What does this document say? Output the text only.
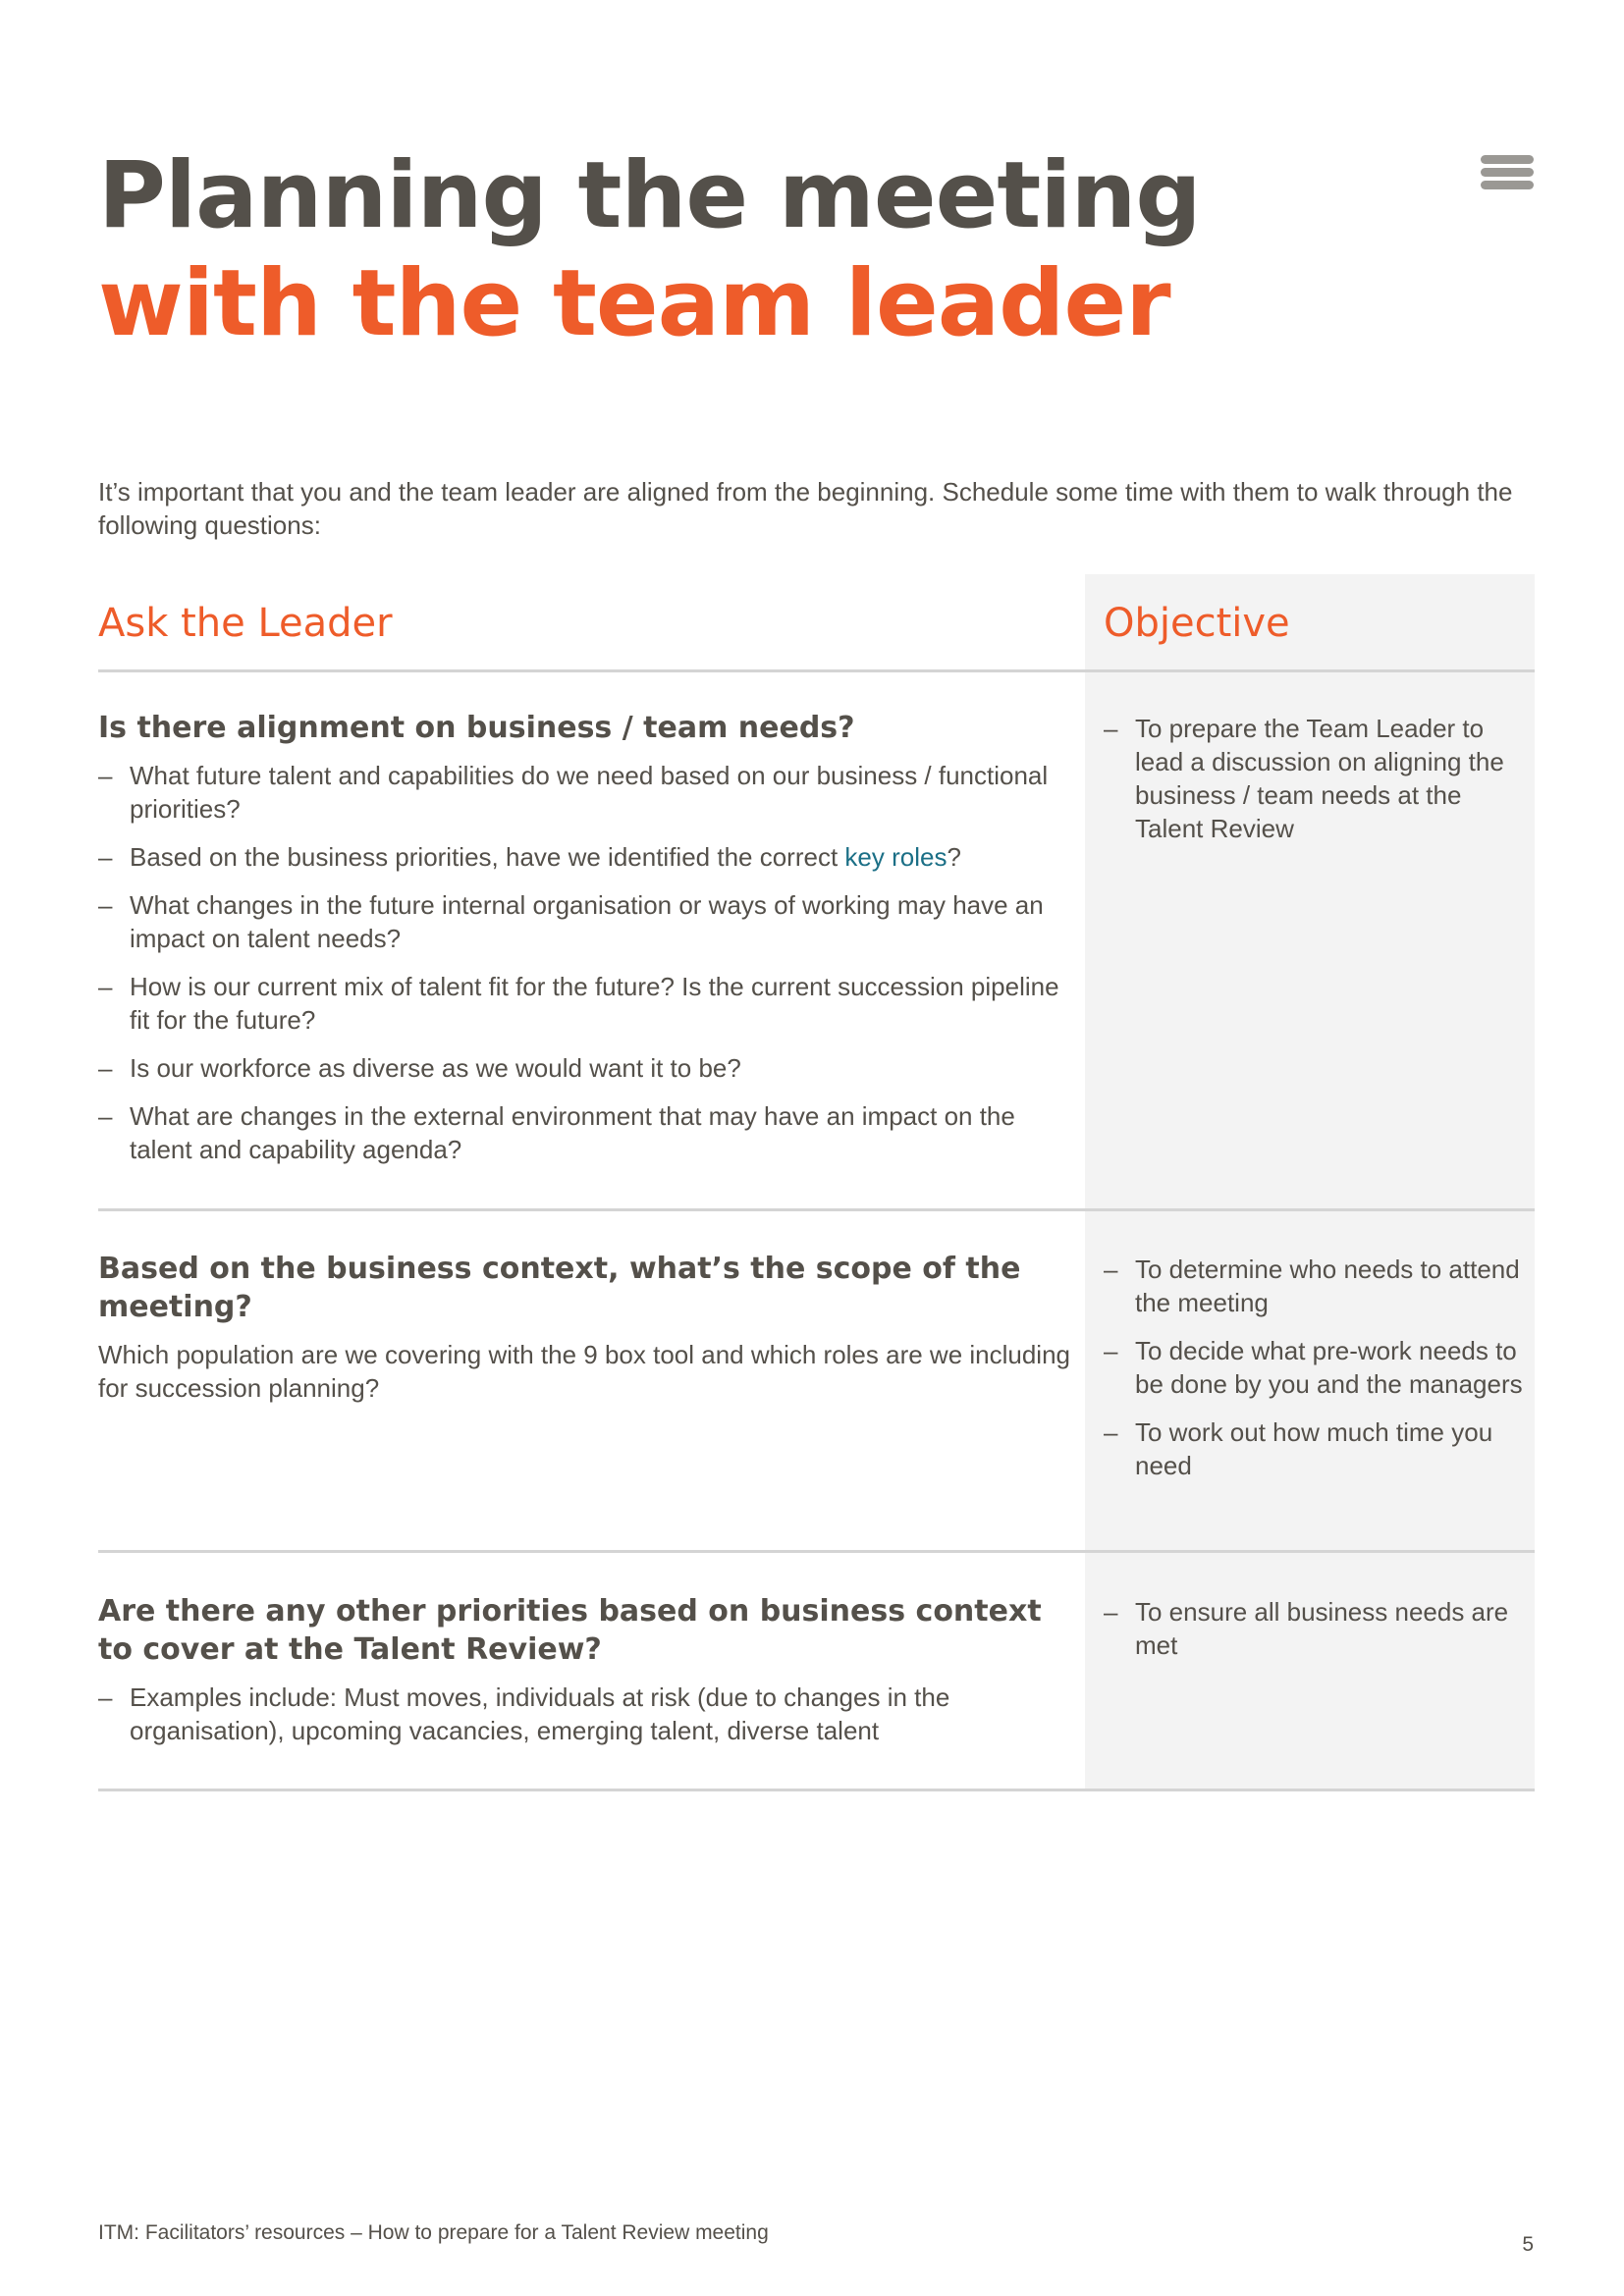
Planning the meeting
with the team leader

It’s important that you and the team leader are aligned from the beginning. Schedule some time with them to walk through the following questions:

Ask the Leader	Objective
Is there alignment on business / team needs?
– What future talent and capabilities do we need based on our business / functional priorities?
– Based on the business priorities, have we identified the correct key roles?
– What changes in the future internal organisation or ways of working may have an impact on talent needs?
– How is our current mix of talent fit for the future? Is the current succession pipeline fit for the future?
– Is our workforce as diverse as we would want it to be?
– What are changes in the external environment that may have an impact on the talent and capability agenda?
– To prepare the Team Leader to lead a discussion on aligning the business / team needs at the Talent Review
Based on the business context, what’s the scope of the meeting?

Which population are we covering with the 9 box tool and which roles are we including for succession planning?

– To determine who needs to attend the meeting
– To decide what pre-work needs to be done by you and the managers
– To work out how much time you need
Are there any other priorities based on business context to cover at the Talent Review?
– Examples include: Must moves, individuals at risk (due to changes in the organisation), upcoming vacancies, emerging talent, diverse talent
– To ensure all business needs are met

ITM: Facilitators’ resources – How to prepare for a Talent Review meeting

5
